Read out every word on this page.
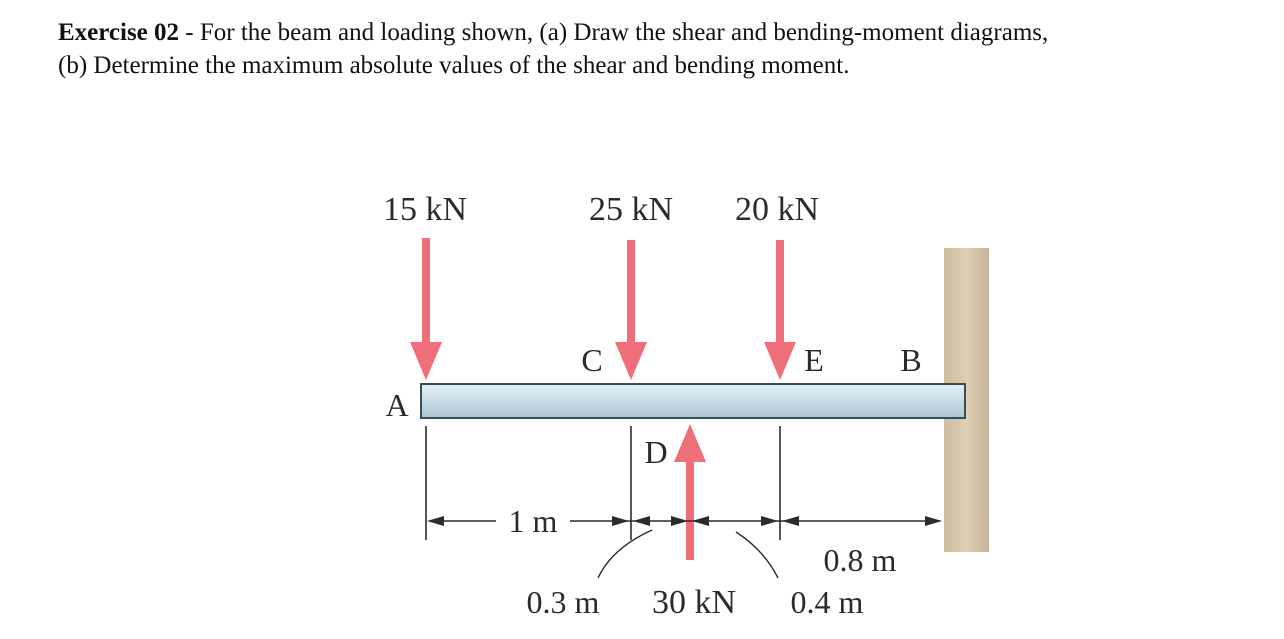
Exercise 02 - For the beam and loading shown, (a) Draw the shear and bending-moment diagrams,
(b) Determine the maximum absolute values of the shear and bending moment.

15 kN	25 kN 20 kN
30 kN
A
C	E B
D
1 m
0.8 m
0.3 m	0.4 m
